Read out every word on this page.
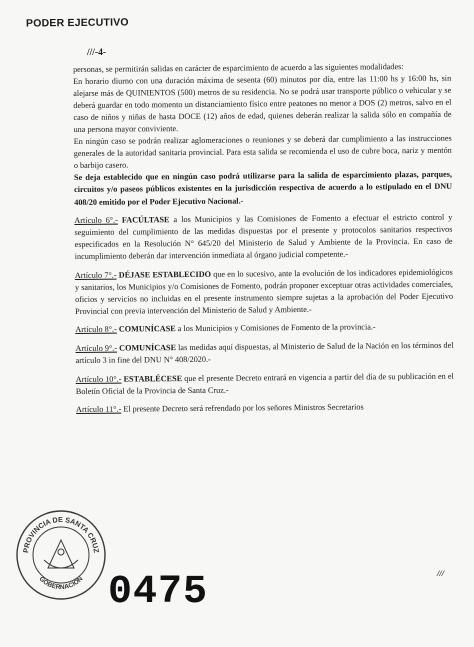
PODER EJECUTIVO
///-4-

personas, se permitirán salidas en carácter de esparcimiento de acuerdo a las siguientes modalidades:

En horario diurno con una duración máxima de sesenta (60) minutos por día, entre las 11:00 hs y 16:00 hs, sin alejarse más de QUINIENTOS (500) metros de su residencia. No se podrá usar transporte público o vehicular y se deberá guardar en todo momento un distanciamiento físico entre peatones no menor a DOS (2) metros, salvo en el caso de niños y niñas de hasta DOCE (12) años de edad, quienes deberán realizar la salida sólo en compañía de una persona mayor conviviente.

En ningún caso se podrán realizar aglomeraciones o reuniones y se deberá dar cumplimiento a las instrucciones generales de la autoridad sanitaria provincial. Para esta salida se recomienda el uso de cubre boca, nariz y mentón o barbijo casero.

Se deja establecido que en ningún caso podrá utilizarse para la salida de esparcimiento plazas, parques, circuitos y/o paseos públicos existentes en la jurisdicción respectiva de acuerdo a lo estipulado en el DNU 408/20 emitido por el Poder Ejecutivo Nacional.-

Artículo 6°.- FACÚLTASE a los Municipios y las Comisiones de Fomento a efectuar el estricto control y seguimiento del cumplimiento de las medidas dispuestas por el presente y protocolos sanitarios respectivos especificados en la Resolución N° 645/20 del Ministerio de Salud y Ambiente de la Provincia. En caso de incumplimiento deberán dar intervención inmediata al órgano judicial competente.-

Artículo 7°.- DÉJASE ESTABLECIDO que en lo sucesivo, ante la evolución de los indicadores epidemiológicos y sanitarios, los Municipios y/o Comisiones de Fomento, podrán proponer exceptuar otras actividades comerciales, oficios y servicios no incluidas en el presente instrumento siempre sujetas a la aprobación del Poder Ejecutivo Provincial con previa intervención del Ministerio de Salud y Ambiente.-

Artículo 8°.- COMUNÍCASE a los Municipios y Comisiones de Fomento de la provincia.-

Artículo 9°.- COMUNÍCASE las medidas aquí dispuestas, al Ministerio de Salud de la Nación en los términos del artículo 3 in fine del DNU N° 408/2020.-

Artículo 10°.- ESTABLÉCESE que el presente Decreto entrará en vigencia a partir del día de su publicación en el Boletín Oficial de la Provincia de Santa Cruz.-

Artículo 11°.- El presente Decreto será refrendado por los señores Ministros Secretarios

///
PROVINCIA DE SANTA CRUZ
GOBERNACIÓN 0475
